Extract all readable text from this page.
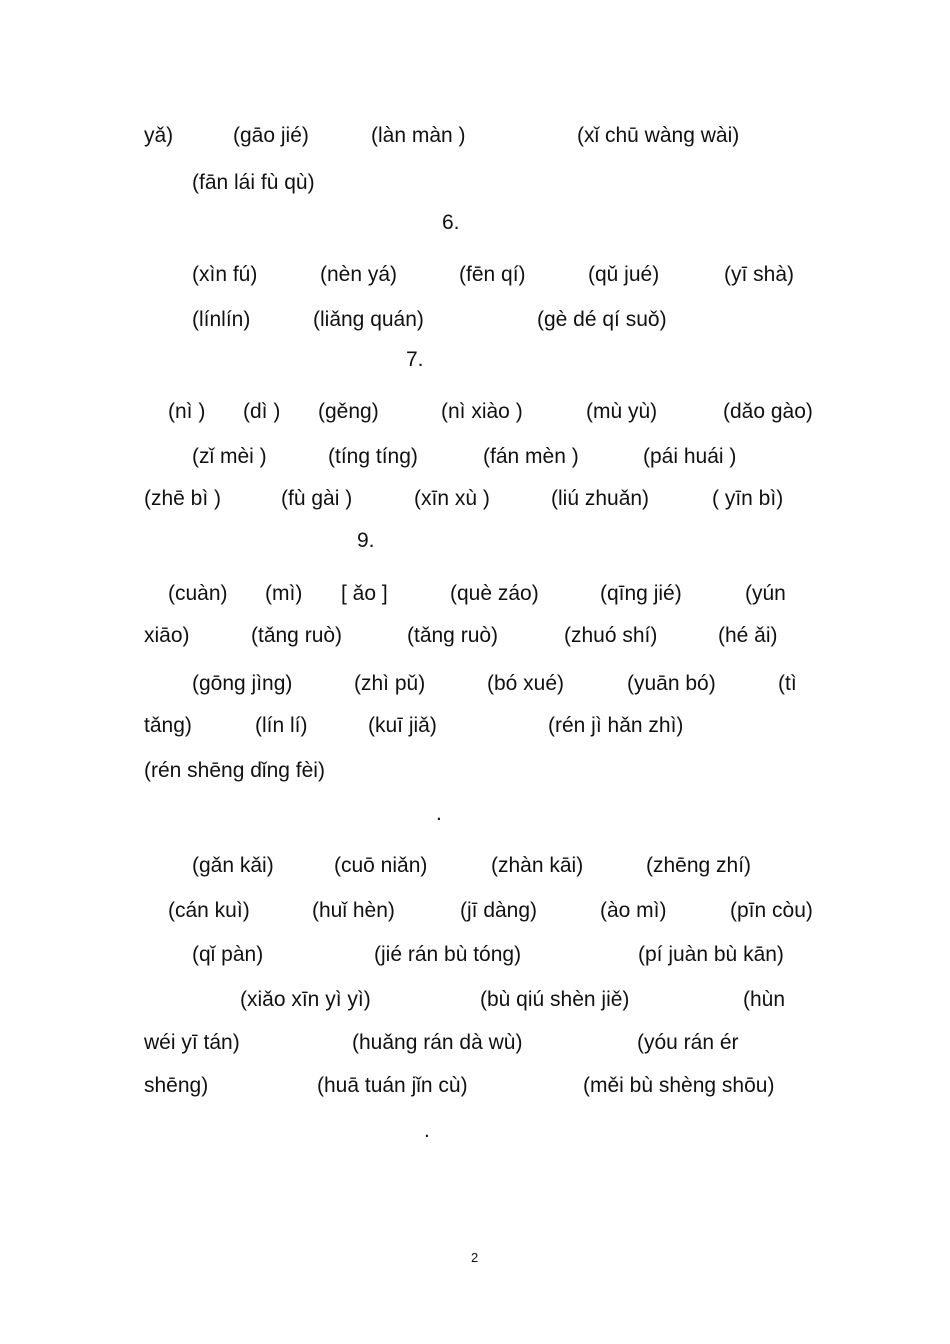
yǎ)	(gāo jié)	(làn màn )	(xǐ chū wàng wài)
(fān lái fù qù)
6.
(xìn fú)	(nèn yá)	(fēn qí)	(qǔ jué)	(yī shà)
(línlín)	(liǎng quán)	(gè dé qí suǒ)
7.
(nì ) (dì ) (gěng)	(nì xiào )	(mù yù)	(dǎo gào)
(zǐ mèi )	(tíng tíng)	(fán mèn )	(pái huái )
(zhē bì )	(fù gài )	(xīn xù )	(liú zhuǎn)	( yīn bì)
9.
(cuàn) (mì) [ ǎo ]	(què záo)	(qīng jié)	(yún
xiāo)	(tǎng ruò)	(tǎng ruò)	(zhuó shí)	(hé ǎi)
(gōng jìng)	(zhì pǔ)	(bó xué)	(yuān bó)	(tì
tǎng)	(lín lí)	(kuī jiǎ)	(rén jì hǎn zhì)
(rén shēng dǐng fèi)
.
(gǎn kǎi)	(cuō niǎn)	(zhàn kāi)	(zhēng zhí)
(cán kuì)	(huǐ hèn)	(jī dàng)	(ào mì)	(pīn còu)
(qǐ pàn)	(jié rán bù tóng)	(pí juàn bù kān)
(xiǎo xīn yì yì)	(bù qiú shèn jiě)	(hùn
wéi yī tán)	(huǎng rán dà wù)	(yóu rán ér
shēng)	(huā tuán jǐn cù)	(měi bù shèng shōu)
.
2
